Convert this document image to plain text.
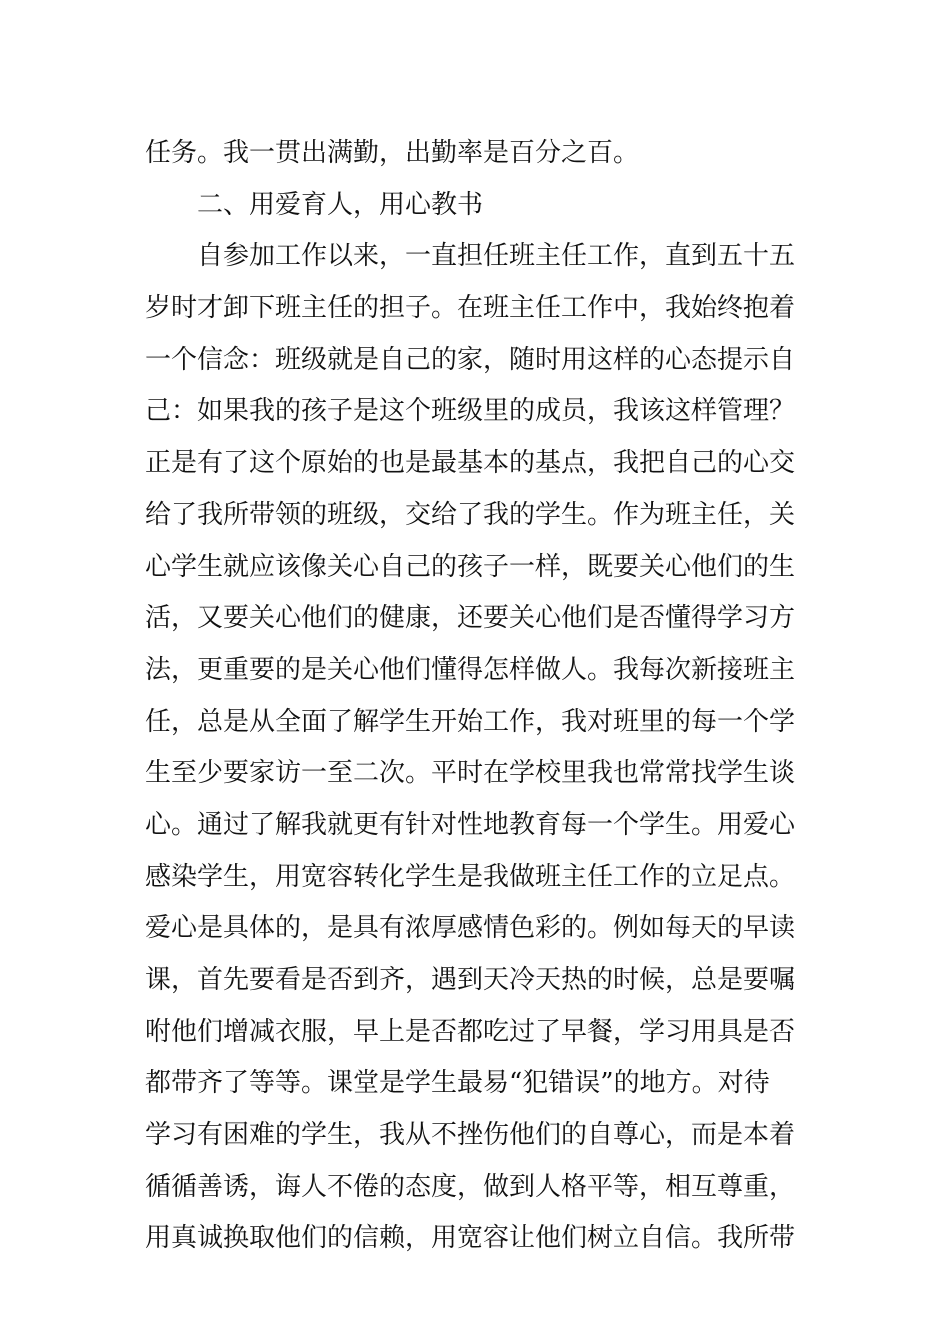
任务。我一贯出满勤，出勤率是百分之百。
二、用爱育人，用心教书
自参加工作以来，一直担任班主任工作，直到五十五
岁时才卸下班主任的担子。在班主任工作中，我始终抱着
一个信念：班级就是自己的家，随时用这样的心态提示自
己：如果我的孩子是这个班级里的成员，我该这样管理？
正是有了这个原始的也是最基本的基点，我把自己的心交
给了我所带领的班级，交给了我的学生。作为班主任，关
心学生就应该像关心自己的孩子一样，既要关心他们的生
活，又要关心他们的健康，还要关心他们是否懂得学习方
法，更重要的是关心他们懂得怎样做人。我每次新接班主
任，总是从全面了解学生开始工作，我对班里的每一个学
生至少要家访一至二次。平时在学校里我也常常找学生谈
心。通过了解我就更有针对性地教育每一个学生。用爱心
感染学生，用宽容转化学生是我做班主任工作的立足点。
爱心是具体的，是具有浓厚感情色彩的。例如每天的早读
课，首先要看是否到齐，遇到天冷天热的时候，总是要嘱
咐他们增减衣服，早上是否都吃过了早餐，学习用具是否
都带齐了等等。课堂是学生最易“犯错误”的地方。对待
学习有困难的学生，我从不挫伤他们的自尊心，而是本着
循循善诱，诲人不倦的态度，做到人格平等，相互尊重，
用真诚换取他们的信赖，用宽容让他们树立自信。我所带
